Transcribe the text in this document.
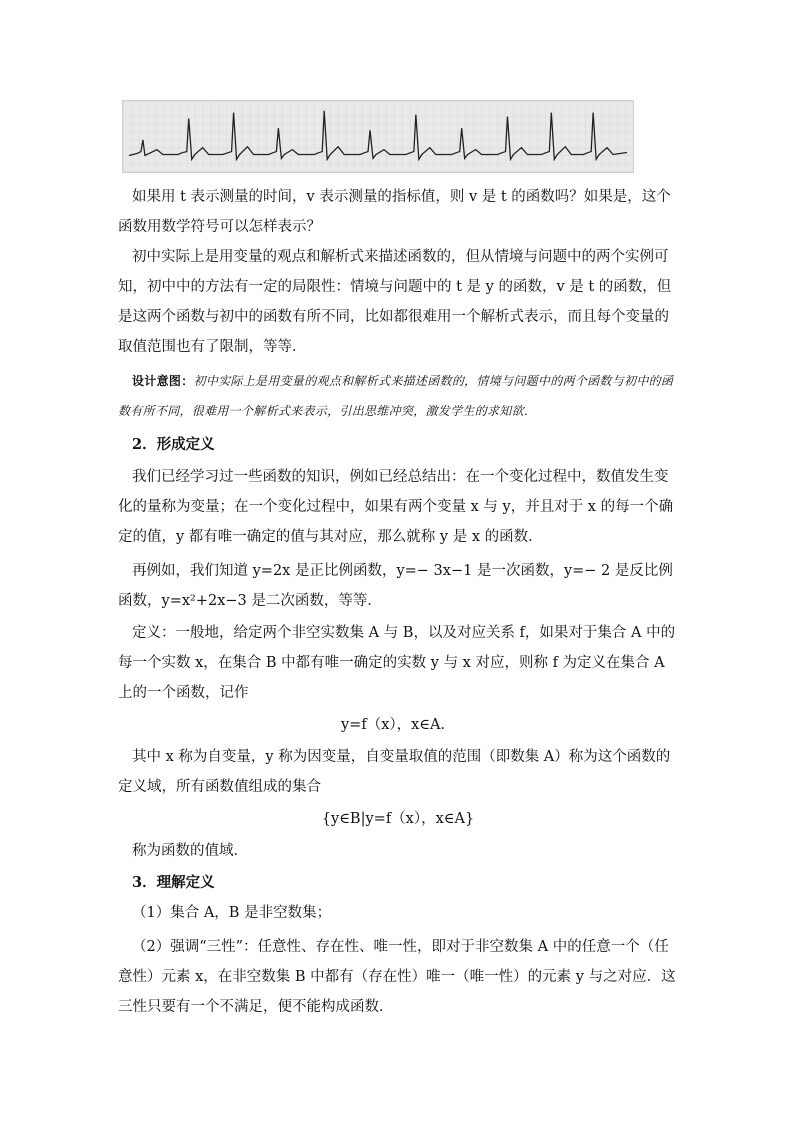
如果用 t 表示测量的时间，v 表示测量的指标值，则 v 是 t 的函数吗？如果是，这个函数用数学符号可以怎样表示？

初中实际上是用变量的观点和解析式来描述函数的，但从情境与问题中的两个实例可知，初中中的方法有一定的局限性：情境与问题中的 t 是 y 的函数，v 是 t 的函数，但是这两个函数与初中的函数有所不同，比如都很难用一个解析式表示，而且每个变量的取值范围也有了限制，等等．

设计意图：初中实际上是用变量的观点和解析式来描述函数的，情境与问题中的两个函数与初中的函数有所不同，很难用一个解析式来表示，引出思维冲突，激发学生的求知欲．

2．形成定义

我们已经学习过一些函数的知识，例如已经总结出：在一个变化过程中，数值发生变化的量称为变量；在一个变化过程中，如果有两个变量 x 与 y，并且对于 x 的每一个确定的值，y 都有唯一确定的值与其对应，那么就称 y 是 x 的函数．

再例如，我们知道 y=2x 是正比例函数，y=− 3x−1 是一次函数，y=− 2 是反比例函数，y=x²+2x−3 是二次函数，等等．

定义：一般地，给定两个非空实数集 A 与 B，以及对应关系 f，如果对于集合 A 中的每一个实数 x，在集合 B 中都有唯一确定的实数 y 与 x 对应，则称 f 为定义在集合 A 上的一个函数，记作

y=f（x），x∈A．

其中 x 称为自变量，y 称为因变量，自变量取值的范围（即数集 A）称为这个函数的定义域，所有函数值组成的集合

{y∈B|y=f（x），x∈A}

称为函数的值域．

3．理解定义

（1）集合 A，B 是非空数集；

（2）强调“三性”：任意性、存在性、唯一性，即对于非空数集 A 中的任意一个（任意性）元素 x，在非空数集 B 中都有（存在性）唯一（唯一性）的元素 y 与之对应．这三性只要有一个不满足，便不能构成函数．
